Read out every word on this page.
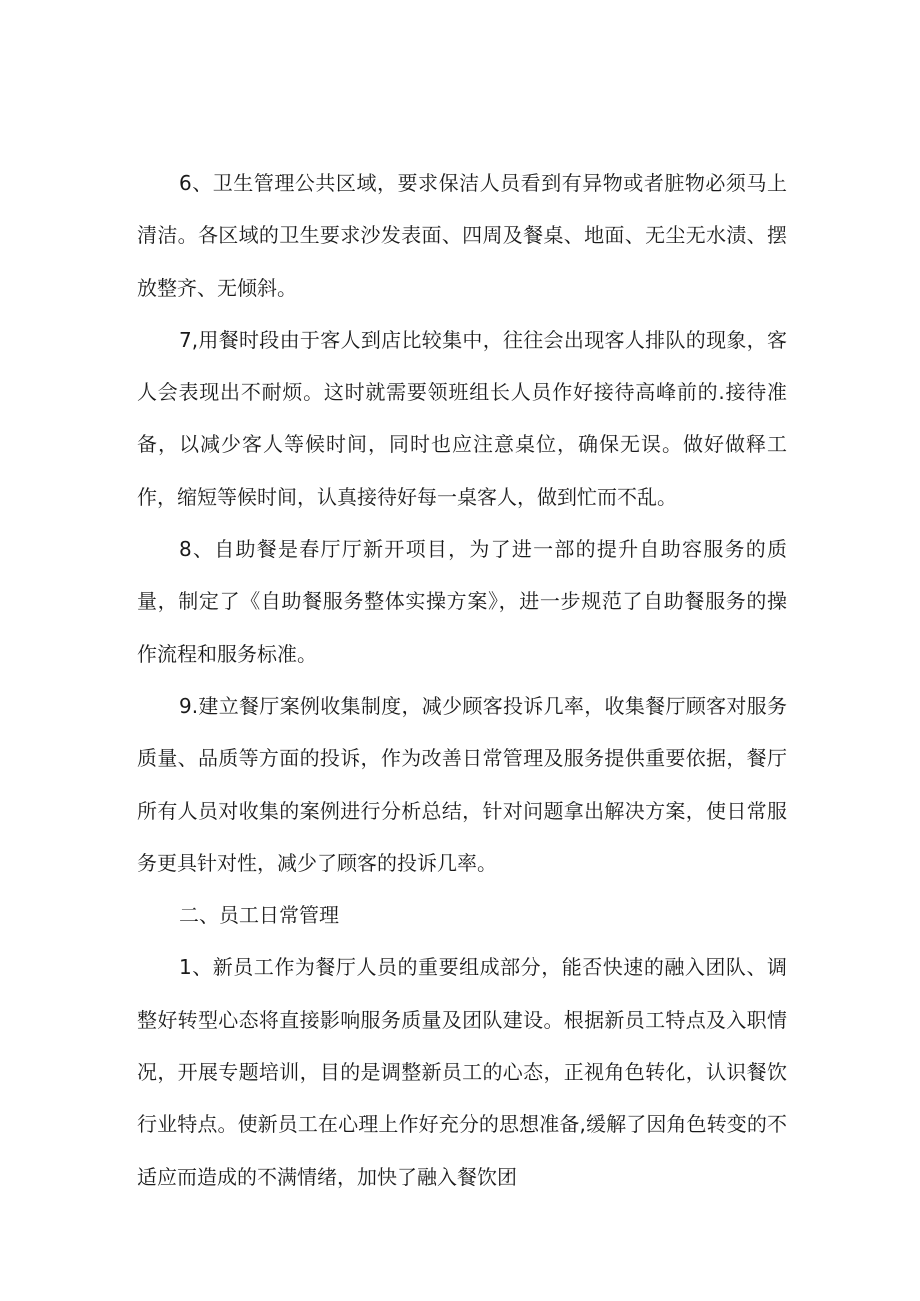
6、卫生管理公共区域，要求保洁人员看到有异物或者脏物必须马上
清洁。各区域的卫生要求沙发表面、四周及餐桌、地面、无尘无水渍、摆
放整齐、无倾斜。

7,用餐时段由于客人到店比较集中，往往会出现客人排队的现象，客
人会表现出不耐烦。这时就需要领班组长人员作好接待高峰前的.接待准
备，以减少客人等候时间，同时也应注意桌位，确保无误。做好做释工
作，缩短等候时间，认真接待好每一桌客人，做到忙而不乱。

8、自助餐是春厅厅新开项目，为了进一部的提升自助容服务的质
量，制定了《自助餐服务整体实操方案》，进一步规范了自助餐服务的操
作流程和服务标准。

9.建立餐厅案例收集制度，减少顾客投诉几率，收集餐厅顾客对服务
质量、品质等方面的投诉，作为改善日常管理及服务提供重要依据，餐厅
所有人员对收集的案例进行分析总结，针对问题拿出解决方案，使日常服
务更具针对性，减少了顾客的投诉几率。

二、员工日常管理

1、新员工作为餐厅人员的重要组成部分，能否快速的融入团队、调
整好转型心态将直接影响服务质量及团队建设。根据新员工特点及入职情
况，开展专题培训，目的是调整新员工的心态，正视角色转化，认识餐饮
行业特点。使新员工在心理上作好充分的思想准备,缓解了因角色转变的不
适应而造成的不满情绪，加快了融入餐饮团
